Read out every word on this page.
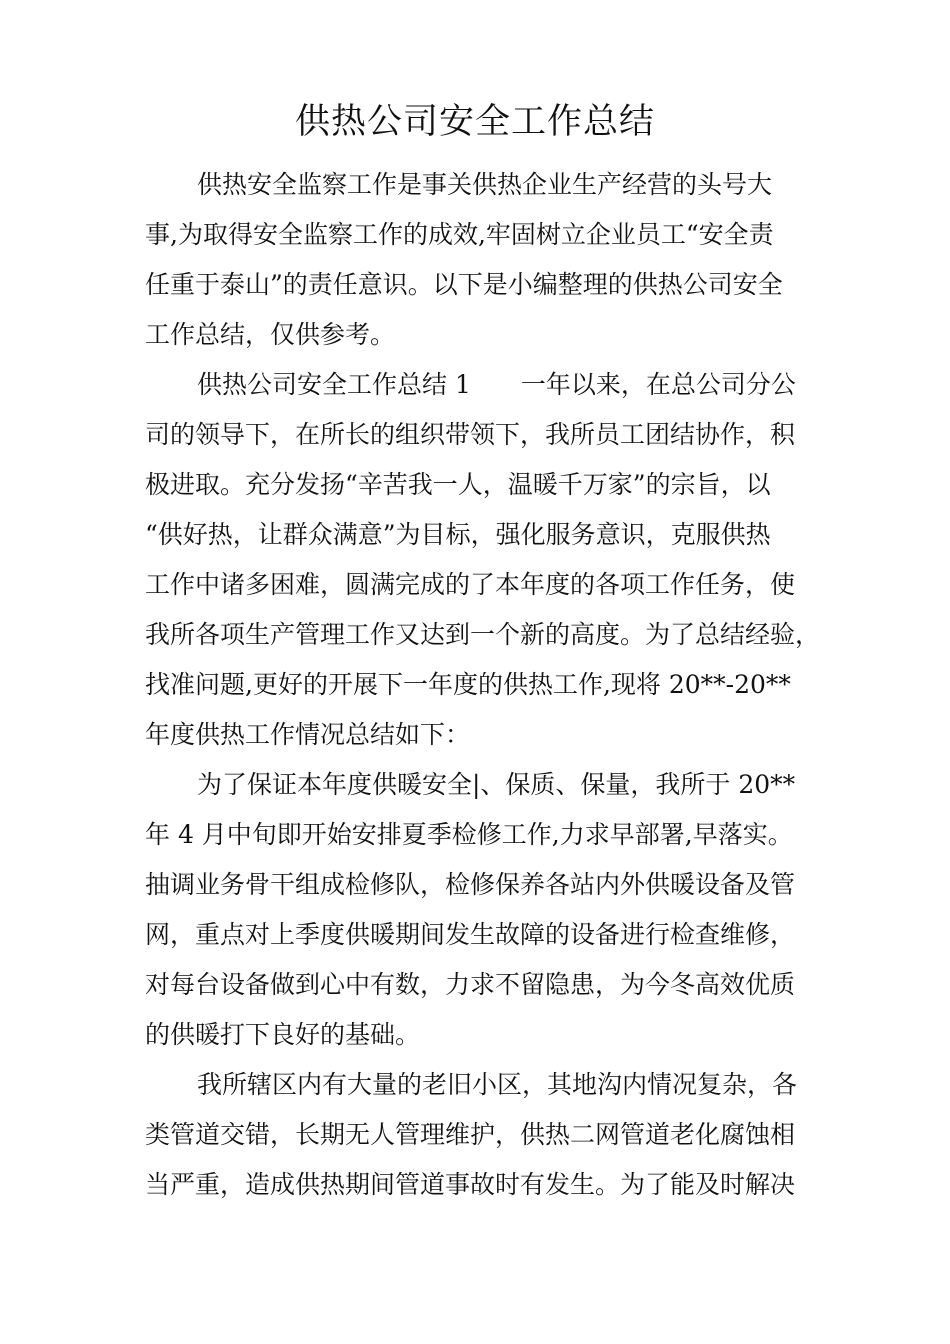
供热公司安全工作总结

供热安全监察工作是事关供热企业生产经营的头号大
事,为取得安全监察工作的成效,牢固树立企业员工“安全责
任重于泰山”的责任意识。以下是小编整理的供热公司安全
工作总结，仅供参考。

供热公司安全工作总结 1 一年以来，在总公司分公
司的领导下，在所长的组织带领下，我所员工团结协作，积
极进取。充分发扬“辛苦我一人，温暖千万家”的宗旨，以
“供好热，让群众满意”为目标，强化服务意识，克服供热
工作中诸多困难，圆满完成的了本年度的各项工作任务，使
我所各项生产管理工作又达到一个新的高度。为了总结经验，
找准问题,更好的开展下一年度的供热工作,现将 20**-20**
年度供热工作情况总结如下：

为了保证本年度供暖安全|、保质、保量，我所于 20**
年 4 月中旬即开始安排夏季检修工作,力求早部署,早落实。
抽调业务骨干组成检修队，检修保养各站内外供暖设备及管
网，重点对上季度供暖期间发生故障的设备进行检查维修，
对每台设备做到心中有数，力求不留隐患，为今冬高效优质
的供暖打下良好的基础。

我所辖区内有大量的老旧小区，其地沟内情况复杂，各
类管道交错，长期无人管理维护，供热二网管道老化腐蚀相
当严重，造成供热期间管道事故时有发生。为了能及时解决
